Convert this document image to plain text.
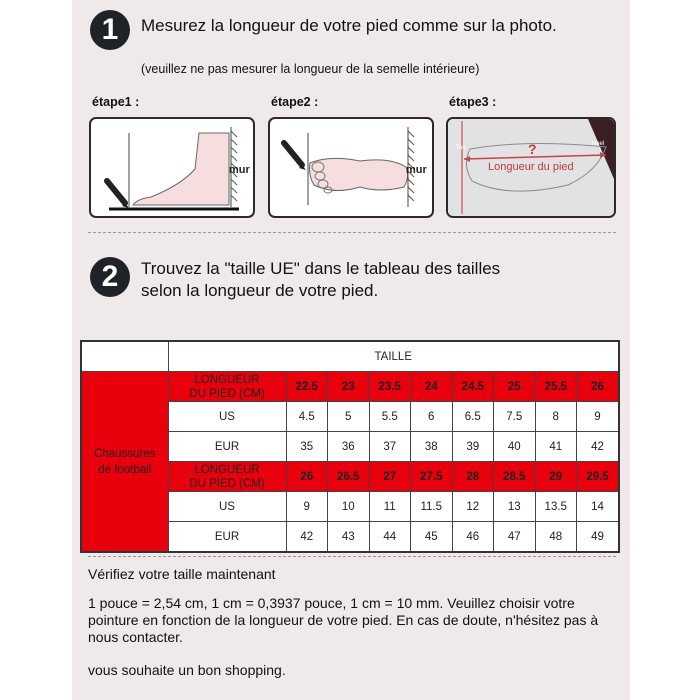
1	Mesurez la longueur de votre pied comme sur la photo.
(veuillez ne pas mesurer la longueur de la semelle intérieure)
étape1 :	étape2 :	étape3 :
mur	mur
?
Longueur du pied
Toe
Heel
2	Trouvez la "taille UE" dans le tableau des tailles
selon la longueur de votre pied.
	TAILLE								
Chaussures
de football	LONGUEUR
DU PIED (CM)	22.5	23	23.5	24	24.5	25	25.5	26
	US	4.5	5	5.5	6	6.5	7.5	8	9
	EUR	35	36	37	38	39	40	41	42
	LONGUEUR
DU PIED (CM)	26	26.5	27	27.5	28	28.5	29	29.5
	US	9	10	11	11.5	12	13	13.5	14
	EUR	42	43	44	45	46	47	48	49
Vérifiez votre taille maintenant
1 pouce = 2,54 cm, 1 cm = 0,3937 pouce, 1 cm = 10 mm. Veuillez choisir votre pointure en fonction de la longueur de votre pied. En cas de doute, n'hésitez pas à nous contacter.
vous souhaite un bon shopping.
